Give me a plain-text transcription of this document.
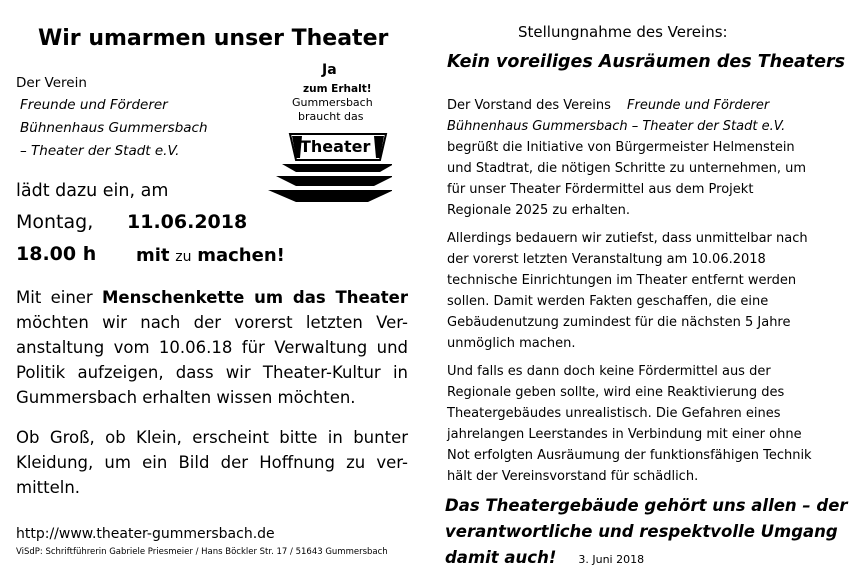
Wir umarmen unser Theater
Der Verein
Freunde und Förderer
Bühnenhaus Gummersbach
– Theater der Stadt e.V.
lädt dazu ein, am
Montag, 11.06.2018
18.00 h mit zu machen!
Mit einer Menschenkette um das Theater
möchten wir nach der vorerst letzten Ver-
anstaltung vom 10.06.18 für Verwaltung und
Politik aufzeigen, dass wir Theater-Kultur in
Gummersbach erhalten wissen möchten.
Ob Groß, ob Klein, erscheint bitte in bunter
Kleidung, um ein Bild der Hoffnung zu ver-
mitteln.
http://www.theater-gummersbach.de
ViSdP: Schriftführerin Gabriele Priesmeier / Hans Böckler Str. 17 / 51643 Gummersbach
Ja
zum Erhalt!
Gummersbach
braucht das
Theater
Stellungnahme des Vereins:
Kein voreiliges Ausräumen des Theaters
Der Vorstand des Vereins Freunde und Förderer
Bühnenhaus Gummersbach – Theater der Stadt e.V.
begrüßt die Initiative von Bürgermeister Helmenstein
und Stadtrat, die nötigen Schritte zu unternehmen, um
für unser Theater Fördermittel aus dem Projekt
Regionale 2025 zu erhalten.
Allerdings bedauern wir zutiefst, dass unmittelbar nach
der vorerst letzten Veranstaltung am 10.06.2018
technische Einrichtungen im Theater entfernt werden
sollen. Damit werden Fakten geschaffen, die eine
Gebäudenutzung zumindest für die nächsten 5 Jahre
unmöglich machen.
Und falls es dann doch keine Fördermittel aus der
Regionale geben sollte, wird eine Reaktivierung des
Theatergebäudes unrealistisch. Die Gefahren eines
jahrelangen Leerstandes in Verbindung mit einer ohne
Not erfolgten Ausräumung der funktionsfähigen Technik
hält der Vereinsvorstand für schädlich.
Das Theatergebäude gehört uns allen – der
verantwortliche und respektvolle Umgang
damit auch! 3. Juni 2018
